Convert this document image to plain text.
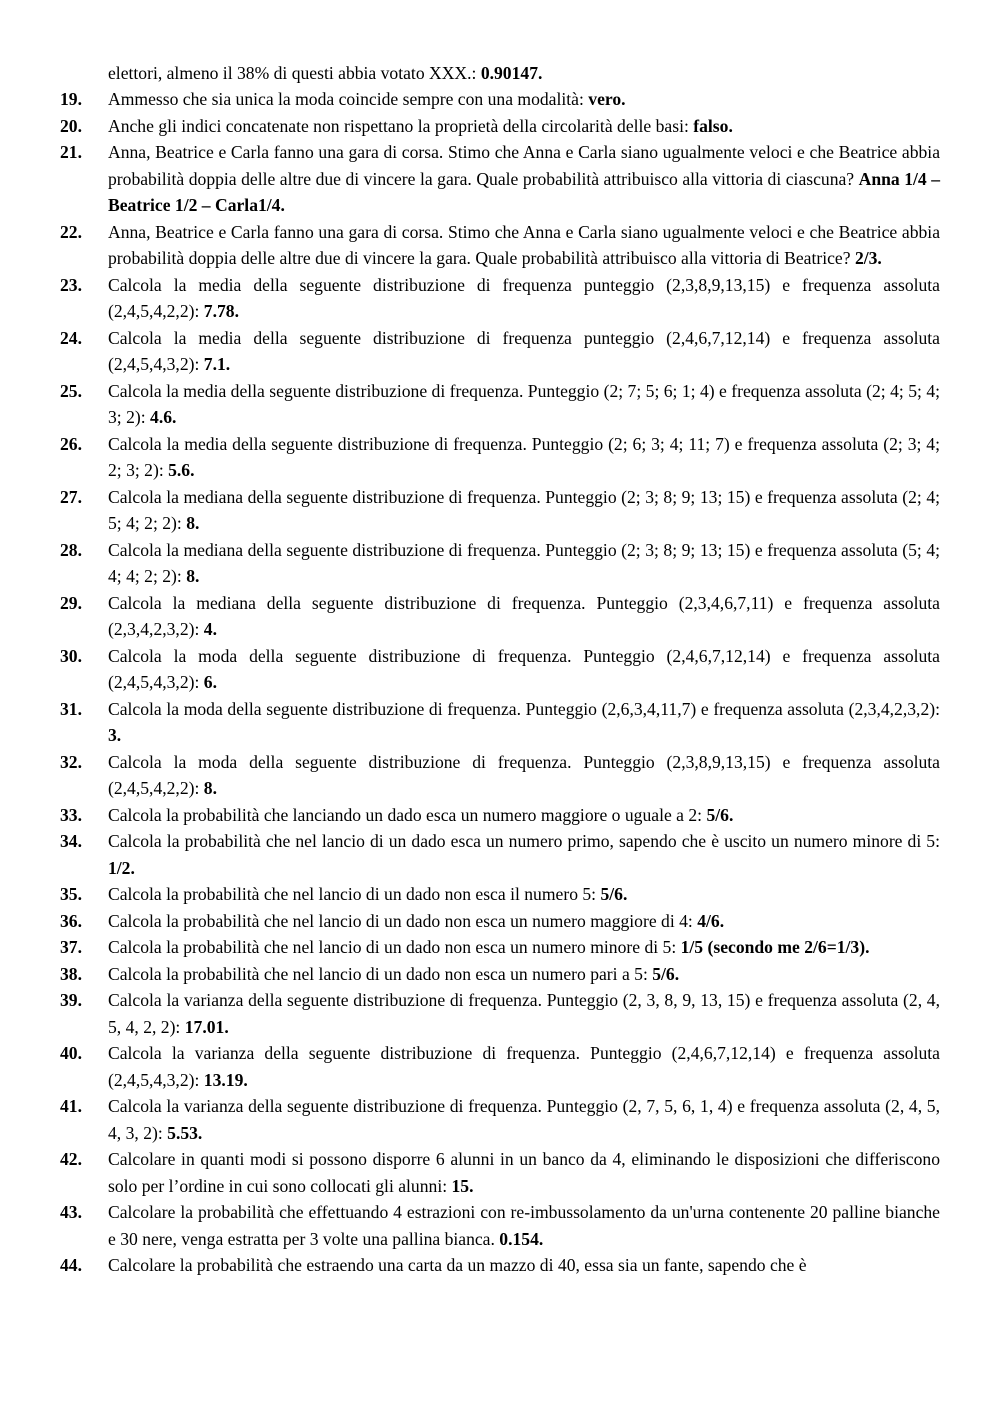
elettori, almeno il 38% di questi abbia votato XXX.: 0.90147.
19. Ammesso che sia unica la moda coincide sempre con una modalità: vero.
20. Anche gli indici concatenate non rispettano la proprietà della circolarità delle basi: falso.
21. Anna, Beatrice e Carla fanno una gara di corsa. Stimo che Anna e Carla siano ugualmente veloci e che Beatrice abbia probabilità doppia delle altre due di vincere la gara. Quale probabilità attribuisco alla vittoria di ciascuna? Anna 1/4 – Beatrice 1/2 – Carla1/4.
22. Anna, Beatrice e Carla fanno una gara di corsa. Stimo che Anna e Carla siano ugualmente veloci e che Beatrice abbia probabilità doppia delle altre due di vincere la gara. Quale probabilità attribuisco alla vittoria di Beatrice? 2/3.
23. Calcola la media della seguente distribuzione di frequenza punteggio (2,3,8,9,13,15) e frequenza assoluta (2,4,5,4,2,2): 7.78.
24. Calcola la media della seguente distribuzione di frequenza punteggio (2,4,6,7,12,14) e frequenza assoluta (2,4,5,4,3,2): 7.1.
25. Calcola la media della seguente distribuzione di frequenza. Punteggio (2; 7; 5; 6; 1; 4) e frequenza assoluta (2; 4; 5; 4; 3; 2): 4.6.
26. Calcola la media della seguente distribuzione di frequenza. Punteggio (2; 6; 3; 4; 11; 7) e frequenza assoluta (2; 3; 4; 2; 3; 2): 5.6.
27. Calcola la mediana della seguente distribuzione di frequenza. Punteggio (2; 3; 8; 9; 13; 15) e frequenza assoluta (2; 4; 5; 4; 2; 2): 8.
28. Calcola la mediana della seguente distribuzione di frequenza. Punteggio (2; 3; 8; 9; 13; 15) e frequenza assoluta (5; 4; 4; 4; 2; 2): 8.
29. Calcola la mediana della seguente distribuzione di frequenza. Punteggio (2,3,4,6,7,11) e frequenza assoluta (2,3,4,2,3,2): 4.
30. Calcola la moda della seguente distribuzione di frequenza. Punteggio (2,4,6,7,12,14) e frequenza assoluta (2,4,5,4,3,2): 6.
31. Calcola la moda della seguente distribuzione di frequenza. Punteggio (2,6,3,4,11,7) e frequenza assoluta (2,3,4,2,3,2): 3.
32. Calcola la moda della seguente distribuzione di frequenza. Punteggio (2,3,8,9,13,15) e frequenza assoluta (2,4,5,4,2,2): 8.
33. Calcola la probabilità che lanciando un dado esca un numero maggiore o uguale a 2: 5/6.
34. Calcola la probabilità che nel lancio di un dado esca un numero primo, sapendo che è uscito un numero minore di 5: 1/2.
35. Calcola la probabilità che nel lancio di un dado non esca il numero 5: 5/6.
36. Calcola la probabilità che nel lancio di un dado non esca un numero maggiore di 4: 4/6.
37. Calcola la probabilità che nel lancio di un dado non esca un numero minore di 5: 1/5 (secondo me 2/6=1/3).
38. Calcola la probabilità che nel lancio di un dado non esca un numero pari a 5: 5/6.
39. Calcola la varianza della seguente distribuzione di frequenza. Punteggio (2, 3, 8, 9, 13, 15) e frequenza assoluta (2, 4, 5, 4, 2, 2): 17.01.
40. Calcola la varianza della seguente distribuzione di frequenza. Punteggio (2,4,6,7,12,14) e frequenza assoluta (2,4,5,4,3,2): 13.19.
41. Calcola la varianza della seguente distribuzione di frequenza. Punteggio (2, 7, 5, 6, 1, 4) e frequenza assoluta (2, 4, 5, 4, 3, 2): 5.53.
42. Calcolare in quanti modi si possono disporre 6 alunni in un banco da 4, eliminando le disposizioni che differiscono solo per l’ordine in cui sono collocati gli alunni: 15.
43. Calcolare la probabilità che effettuando 4 estrazioni con re-imbussolamento da un'urna contenente 20 palline bianche e 30 nere, venga estratta per 3 volte una pallina bianca. 0.154.
44. Calcolare la probabilità che estraendo una carta da un mazzo di 40, essa sia un fante, sapendo che è
